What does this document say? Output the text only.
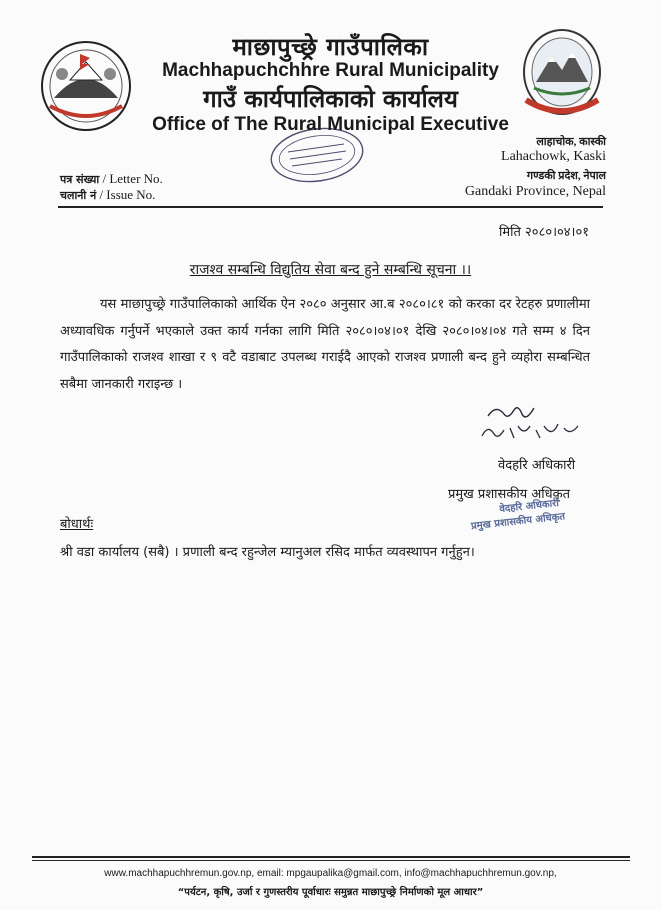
माछापुच्छ्रे गाउँपालिका
Machhapuchchhre Rural Municipality
गाउँ कार्यपालिकाको कार्यालय
Office of The Rural Municipal Executive
लाहाचोक, कास्की
Lahachowk, Kaski
गण्डकी प्रदेश, नेपाल
Gandaki Province, Nepal
पत्र संख्या / Letter No.
चलानी नं / Issue No.
मिति २०८०।०४।०१
राजश्व सम्बन्धि विद्युतिय सेवा बन्द हुने सम्बन्धि सूचना ।।
यस माछापुच्छ्रे गाउँपालिकाको आर्थिक ऐन २०८० अनुसार आ.ब २०८०।८१ को करका दर रेटहरु प्रणालीमा अध्यावधिक गर्नुपर्ने भएकाले उक्त कार्य गर्नका लागि मिति २०८०।०४।०१ देखि २०८०।०४।०४ गते सम्म ४ दिन गाउँपालिकाको राजश्व शाखा र ९ वटै वडाबाट उपलब्ध गराईदै आएको राजश्व प्रणाली बन्द हुने व्यहोरा सम्बन्धित सबैमा जानकारी गराइन्छ ।
वेदहरि अधिकारी
प्रमुख प्रशासकीय अधिकृत
वेदहरि अधिकारी
प्रमुख प्रशासकीय अधिकृत
बोधार्थः
श्री वडा कार्यालय (सबै) । प्रणाली बन्द रहुन्जेल म्यानुअल रसिद मार्फत व्यवस्थापन गर्नुहुन।
www.machhapuchhremun.gov.np, email: mpgaupalika@gmail.com, info@machhapuchhremun.gov.np,
“पर्यटन, कृषि, उर्जा र गुणस्तरीय पूर्वाधारः समुन्नत माछापुच्छ्रे निर्माणको मूल आधार”
